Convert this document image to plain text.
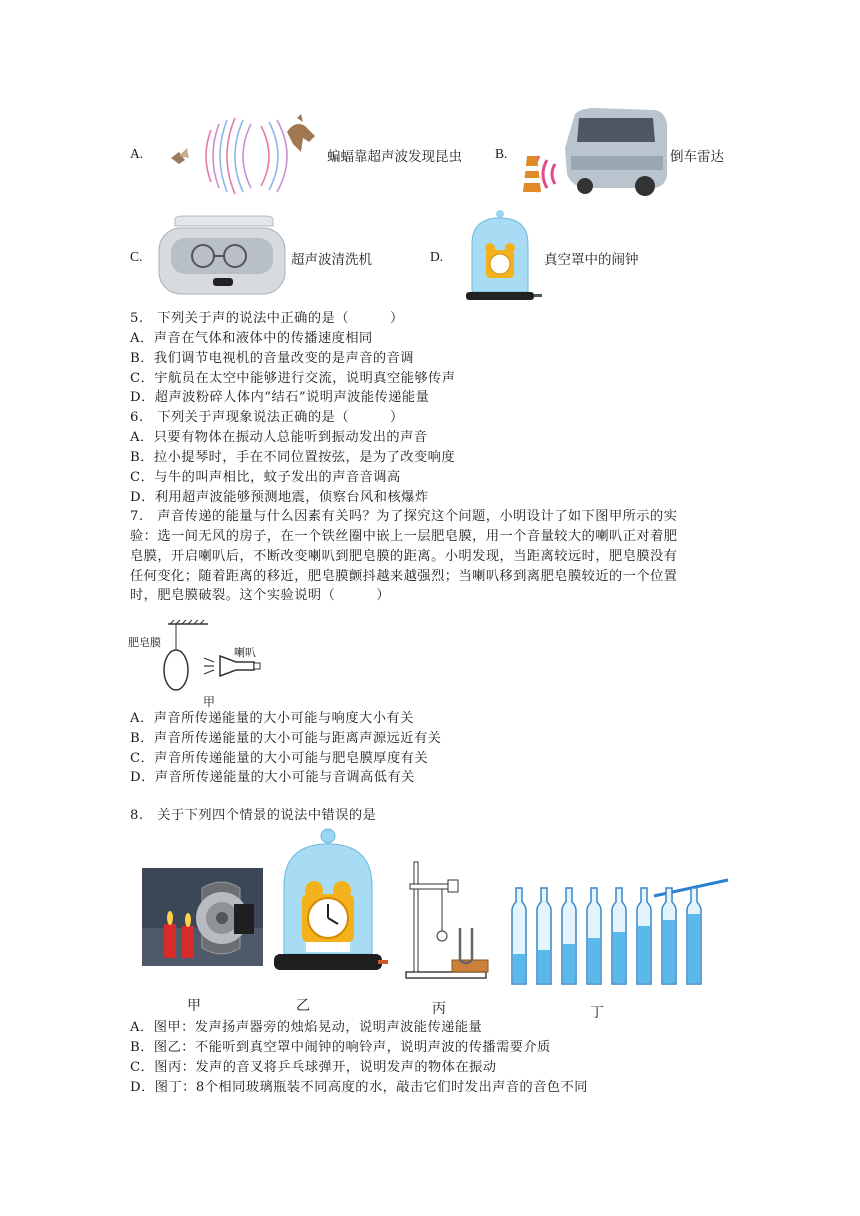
A.	蝙蝠靠超声波发现昆虫 B.	倒车雷达
C.	超声波清洗机	D.	真空罩中的闹钟
5.　下列关于声的说法中正确的是（　　　）
A．声音在气体和液体中的传播速度相同
B．我们调节电视机的音量改变的是声音的音调
C．宇航员在太空中能够进行交流，说明真空能够传声
D．超声波粉碎人体内“结石”说明声波能传递能量
6.　下列关于声现象说法正确的是（　　　）
A．只要有物体在振动人总能听到振动发出的声音
B．拉小提琴时，手在不同位置按弦，是为了改变响度
C．与牛的叫声相比，蚊子发出的声音音调高
D．利用超声波能够预测地震，侦察台风和核爆炸
7.　声音传递的能量与什么因素有关吗？为了探究这个问题，小明设计了如下图甲所示的实
验：选一间无风的房子，在一个铁丝圈中嵌上一层肥皂膜，用一个音量较大的喇叭正对着肥
皂膜，开启喇叭后，不断改变喇叭到肥皂膜的距离。小明发现，当距离较远时，肥皂膜没有
任何变化；随着距离的移近，肥皂膜颤抖越来越强烈；当喇叭移到离肥皂膜较近的一个位置
时，肥皂膜破裂。这个实验说明（　　　）
肥皂膜
喇叭
甲
A．声音所传递能量的大小可能与响度大小有关
B．声音所传递能量的大小可能与距离声源远近有关
C．声音所传递能量的大小可能与肥皂膜厚度有关
D．声音所传递能量的大小可能与音调高低有关
8.　关于下列四个情景的说法中错误的是
甲	乙	丙	丁
A．图甲：发声扬声器旁的烛焰晃动，说明声波能传递能量
B．图乙：不能听到真空罩中闹钟的响铃声，说明声波的传播需要介质
C．图丙：发声的音叉将乒乓球弹开，说明发声的物体在振动
D．图丁：8个相同玻璃瓶装不同高度的水，敲击它们时发出声音的音色不同
